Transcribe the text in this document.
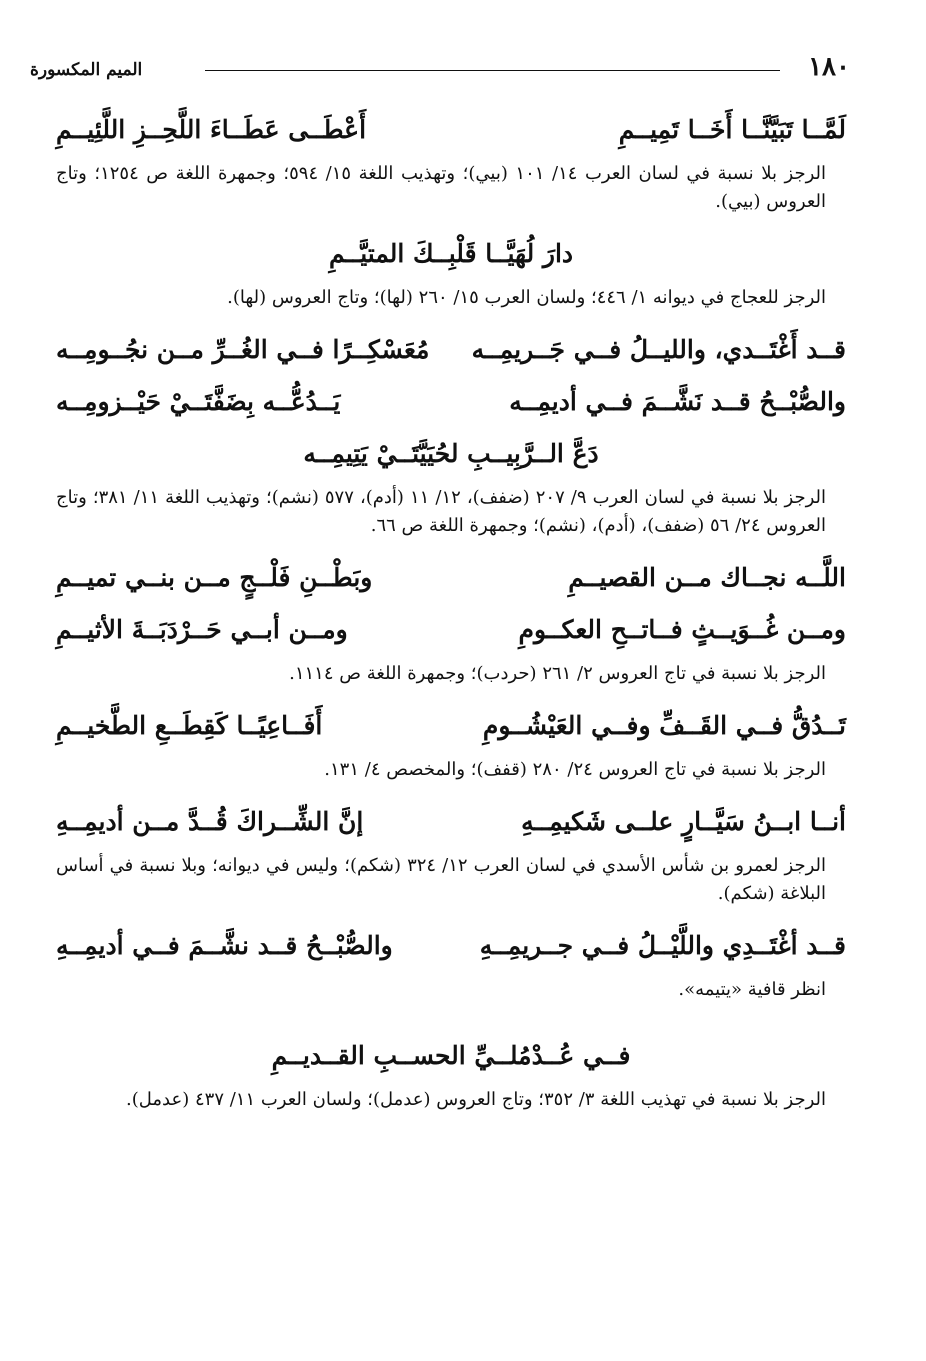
١٨٠
الميم المكسورة
لَمَّــا تَبَيَّنَّــا أَخَــا تَمِيــمِ
أَعْطَــى عَطَــاءَ اللَّحِــزِ اللَّئِيــمِ
الرجز بلا نسبة في لسان العرب ١٤/ ١٠١ (بيي)؛ وتهذيب اللغة ١٥/ ٥٩٤؛ وجمهرة اللغة ص ١٢٥٤؛ وتاج العروس (بيي).
دارَ لُهَيَّــا قَلْبِــكَ المتيَّــمِ
الرجز للعجاج في ديوانه ١/ ٤٤٦؛ ولسان العرب ١٥/ ٢٦٠ (لها)؛ وتاج العروس (لها).
قــد أَغْتَــدي، والليــلُ فــي جَــريمِــه
مُعَسْكِــرًا فــي الغُــرِّ مــن نجُــومِــه
والصُّبْــحُ قــد نَشَّــمَ فــي أديمِــه
يَــدُعُّــه بِضَفَّتَــيْ حَيْــزومِــه
دَعَّ الــرَّبِيــبِ لحُيَيَّتَــيْ يَتِيمِــه
الرجز بلا نسبة في لسان العرب ٩/ ٢٠٧ (ضفف)، ١٢/ ١١ (أدم)، ٥٧٧ (نشم)؛ وتهذيب اللغة ١١/ ٣٨١؛ وتاج العروس ٢٤/ ٥٦ (ضفف)، (أدم)، (نشم)؛ وجمهرة اللغة ص ٦٦.
اللَّــه نجــاك مــن القصيــمِ
وبَطْــنِ فَلْــجٍ مــن بنــي تميــمِ
ومــن غُــوَيــثٍ فــاتــحِ العكــومِ
ومــن أبــي حَــرْدَبَــةَ الأثيــمِ
الرجز بلا نسبة في تاج العروس ٢/ ٢٦١ (حردب)؛ وجمهرة اللغة ص ١١١٤.
تَــدُقُّ فــي القَــفِّ وفــي العَيْشُــومِ
أَفَــاعِيًــا كَقِطَــعِ الطَّخيــمِ
الرجز بلا نسبة في تاج العروس ٢٤/ ٢٨٠ (قفف)؛ والمخصص ٤/ ١٣١.
أنــا ابــنُ سَيَّــارٍ علــى شَكيمِــهِ
إنَّ الشِّــراكَ قُــدَّ مــن أديمِــهِ
الرجز لعمرو بن شأس الأسدي في لسان العرب ١٢/ ٣٢٤ (شكم)؛ وليس في ديوانه؛ وبلا نسبة في أساس البلاغة (شكم).
قــد أغْتَــدِي واللَّيْــلُ فــي جــريمِــهِ
والصُّبْــحُ قــد نشَّــمَ فــي أديمِــهِ
انظر قافية «يتيمه».
فــي عُــدْمُلــيِّ الحســبِ القــديــمِ
الرجز بلا نسبة في تهذيب اللغة ٣/ ٣٥٢؛ وتاج العروس (عدمل)؛ ولسان العرب ١١/ ٤٣٧ (عدمل).
